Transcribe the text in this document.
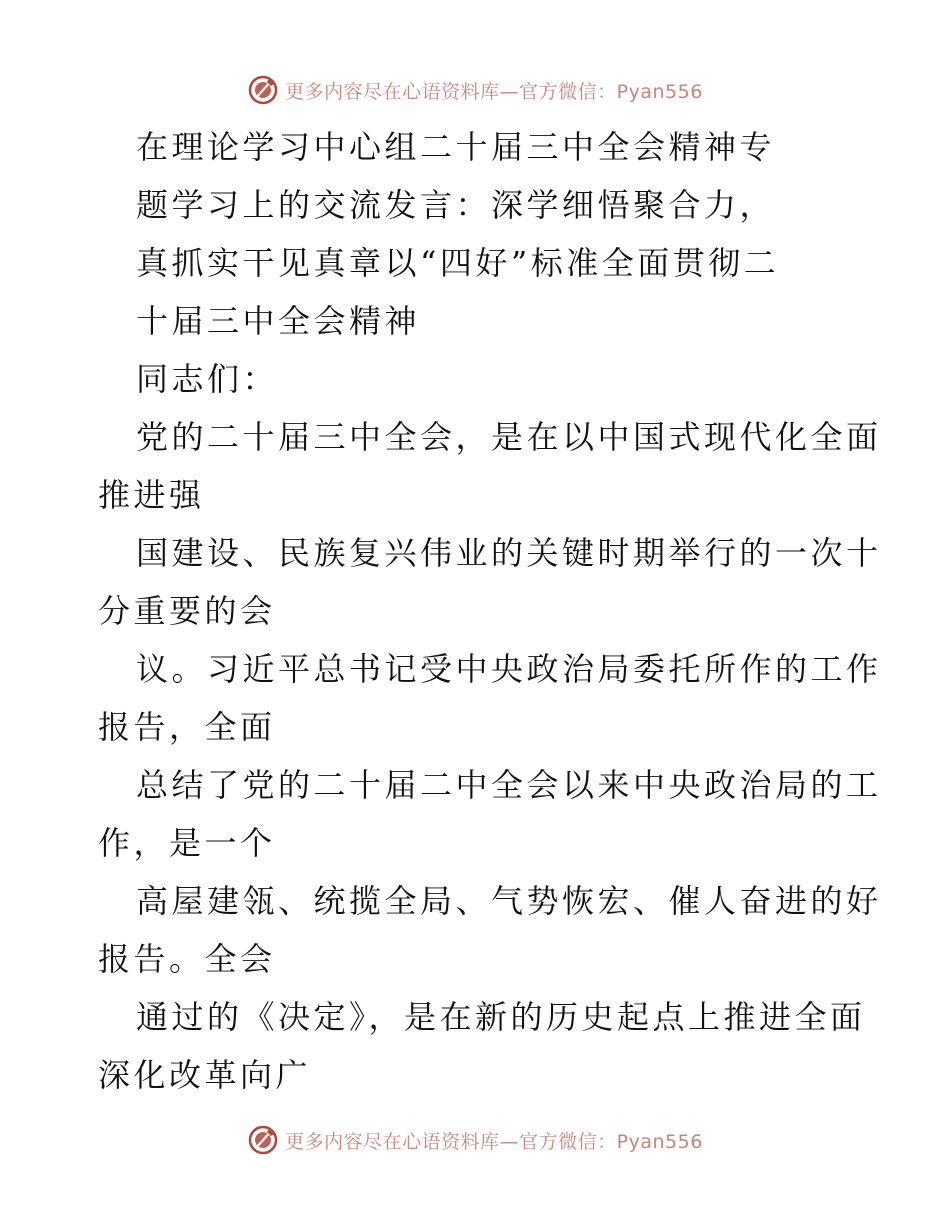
更多内容尽在心语资料库—官方微信：Pyan556
在理论学习中心组二十届三中全会精神专
题学习上的交流发言：深学细悟聚合力，
真抓实干见真章以“四好”标准全面贯彻二
十届三中全会精神
同志们：
党的二十届三中全会，是在以中国式现代化全面
推进强
国建设、民族复兴伟业的关键时期举行的一次十
分重要的会
议。习近平总书记受中央政治局委托所作的工作
报告，全面
总结了党的二十届二中全会以来中央政治局的工
作，是一个
高屋建瓴、统揽全局、气势恢宏、催人奋进的好
报告。全会
通过的《决定》，是在新的历史起点上推进全面
深化改革向广
更多内容尽在心语资料库—官方微信：Pyan556
